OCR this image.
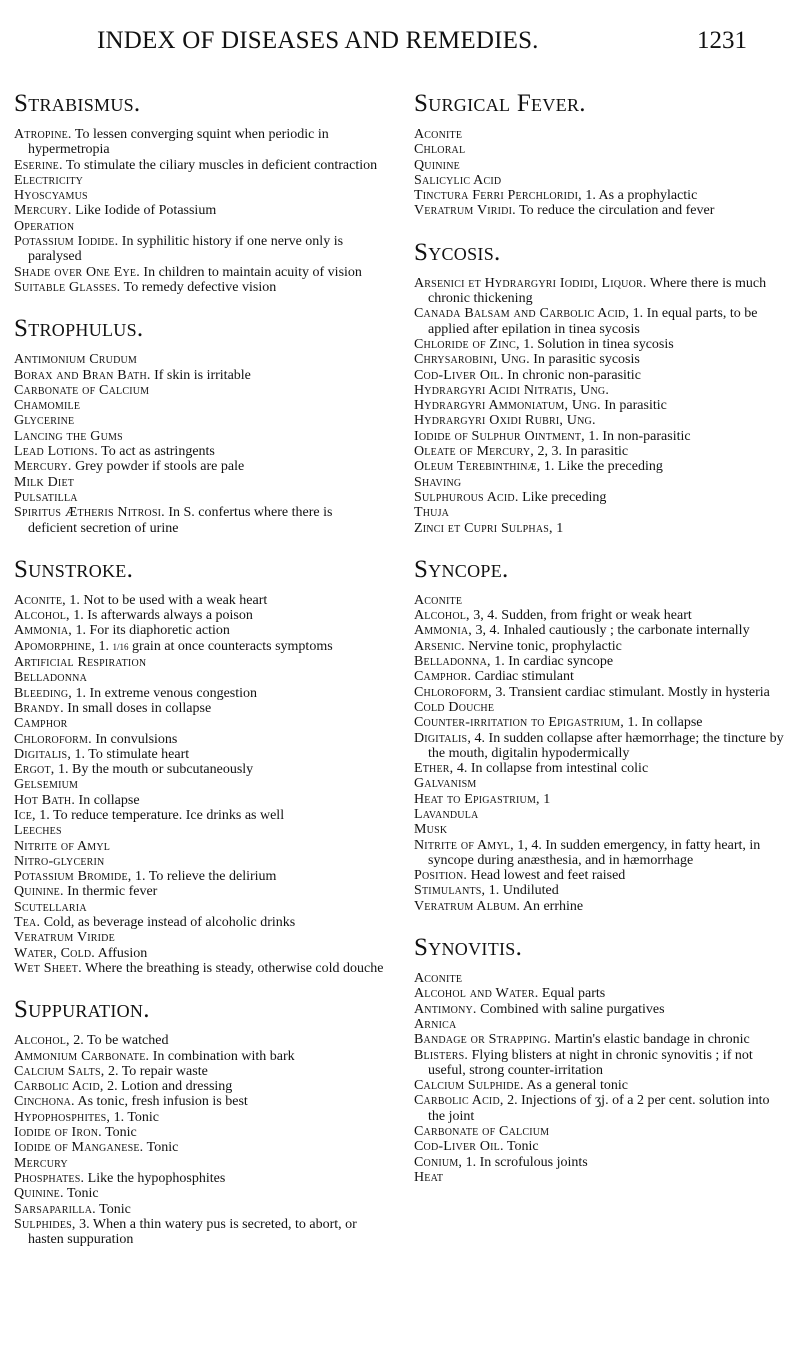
INDEX OF DISEASES AND REMEDIES.	1231
Strabismus.

Atropine. To lessen converging squint when periodic in hypermetropia

Eserine. To stimulate the ciliary muscles in deficient contraction

Electricity

Hyoscyamus

Mercury. Like Iodide of Potassium

Operation

Potassium Iodide. In syphilitic history if one nerve only is paralysed

Shade over One Eye. In children to maintain acuity of vision

Suitable Glasses. To remedy defective vision

Strophulus.

Antimonium Crudum

Borax and Bran Bath. If skin is irritable

Carbonate of Calcium

Chamomile

Glycerine

Lancing the Gums

Lead Lotions. To act as astringents

Mercury. Grey powder if stools are pale

Milk Diet

Pulsatilla

Spiritus Ætheris Nitrosi. In S. confertus where there is deficient secretion of urine

Sunstroke.

Aconite, 1. Not to be used with a weak heart

Alcohol, 1. Is afterwards always a poison

Ammonia, 1. For its diaphoretic action

Apomorphine, 1. 1/16 grain at once counteracts symptoms

Artificial Respiration

Belladonna

Bleeding, 1. In extreme venous congestion

Brandy. In small doses in collapse

Camphor

Chloroform. In convulsions

Digitalis, 1. To stimulate heart

Ergot, 1. By the mouth or subcutaneously

Gelsemium

Hot Bath. In collapse

Ice, 1. To reduce temperature. Ice drinks as well

Leeches

Nitrite of Amyl

Nitro-glycerin

Potassium Bromide, 1. To relieve the delirium

Quinine. In thermic fever

Scutellaria

Tea. Cold, as beverage instead of alcoholic drinks

Veratrum Viride

Water, Cold. Affusion

Wet Sheet. Where the breathing is steady, otherwise cold douche

Suppuration.

Alcohol, 2. To be watched

Ammonium Carbonate. In combination with bark

Calcium Salts, 2. To repair waste

Carbolic Acid, 2. Lotion and dressing

Cinchona. As tonic, fresh infusion is best

Hypophosphites, 1. Tonic

Iodide of Iron. Tonic

Iodide of Manganese. Tonic

Mercury

Phosphates. Like the hypophosphites

Quinine. Tonic

Sarsaparilla. Tonic

Sulphides, 3. When a thin watery pus is secreted, to abort, or hasten suppuration

Surgical Fever.

Aconite

Chloral

Quinine

Salicylic Acid

Tinctura Ferri Perchloridi, 1. As a prophylactic

Veratrum Viridi. To reduce the circulation and fever

Sycosis.

Arsenici et Hydrargyri Iodidi, Liquor. Where there is much chronic thickening

Canada Balsam and Carbolic Acid, 1. In equal parts, to be applied after epilation in tinea sycosis

Chloride of Zinc, 1. Solution in tinea sycosis

Chrysarobini, Ung. In parasitic sycosis

Cod-Liver Oil. In chronic non-parasitic

Hydrargyri Acidi Nitratis, Ung.

Hydrargyri Ammoniatum, Ung. In parasitic

Hydrargyri Oxidi Rubri, Ung.

Iodide of Sulphur Ointment, 1. In non-parasitic

Oleate of Mercury, 2, 3. In parasitic

Oleum Terebinthinæ, 1. Like the preceding

Shaving

Sulphurous Acid. Like preceding

Thuja

Zinci et Cupri Sulphas, 1

Syncope.

Aconite

Alcohol, 3, 4. Sudden, from fright or weak heart

Ammonia, 3, 4. Inhaled cautiously ; the carbonate internally

Arsenic. Nervine tonic, prophylactic

Belladonna, 1. In cardiac syncope

Camphor. Cardiac stimulant

Chloroform, 3. Transient cardiac stimulant. Mostly in hysteria

Cold Douche

Counter-irritation to Epigastrium, 1. In collapse

Digitalis, 4. In sudden collapse after hæmorrhage; the tincture by the mouth, digitalin hypodermically

Ether, 4. In collapse from intestinal colic

Galvanism

Heat to Epigastrium, 1

Lavandula

Musk

Nitrite of Amyl, 1, 4. In sudden emergency, in fatty heart, in syncope during anæsthesia, and in hæmorrhage

Position. Head lowest and feet raised

Stimulants, 1. Undiluted

Veratrum Album. An errhine

Synovitis.

Aconite

Alcohol and Water. Equal parts

Antimony. Combined with saline purgatives

Arnica

Bandage or Strapping. Martin's elastic bandage in chronic

Blisters. Flying blisters at night in chronic synovitis ; if not useful, strong counter-irritation

Calcium Sulphide. As a general tonic

Carbolic Acid, 2. Injections of ʒj. of a 2 per cent. solution into the joint

Carbonate of Calcium

Cod-Liver Oil. Tonic

Conium, 1. In scrofulous joints

Heat
